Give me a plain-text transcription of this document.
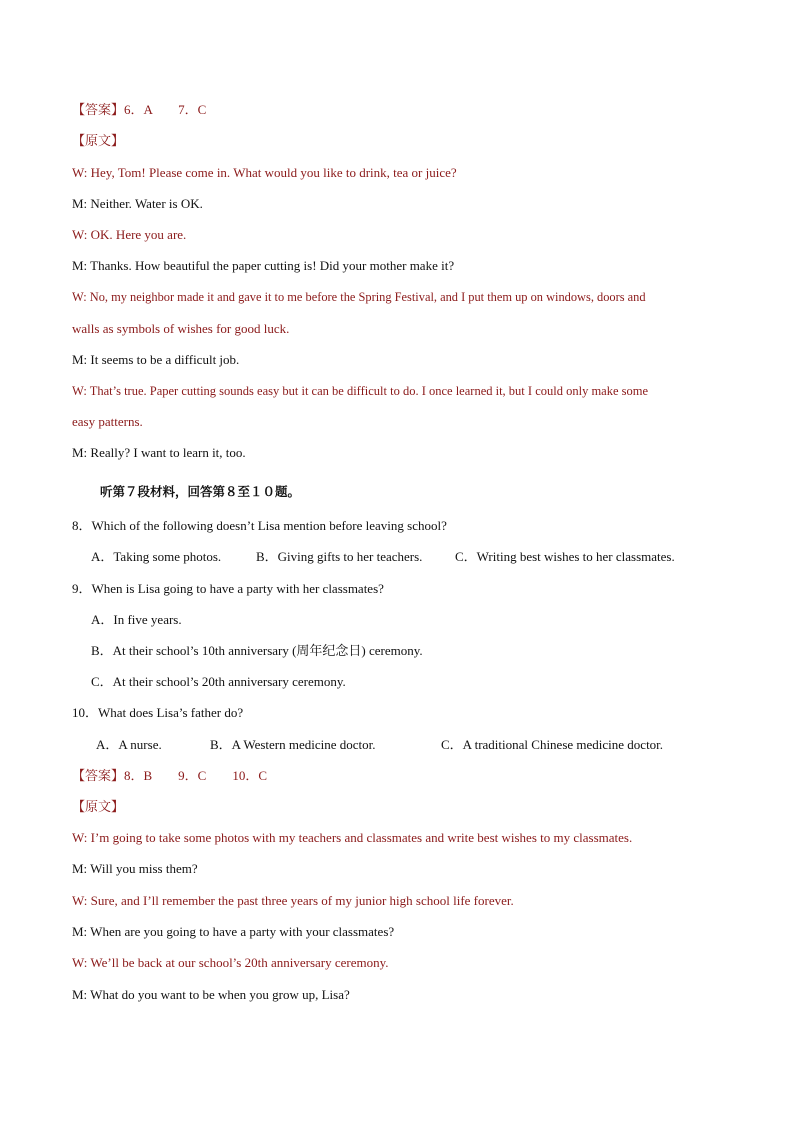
【答案】6．A　　7．C
【原文】
W: Hey, Tom! Please come in. What would you like to drink, tea or juice?
M: Neither. Water is OK.
W: OK. Here you are.
M: Thanks. How beautiful the paper cutting is! Did your mother make it?
W: No, my neighbor made it and gave it to me before the Spring Festival, and I put them up on windows, doors and
walls as symbols of wishes for good luck.
M: It seems to be a difficult job.
W: That’s true. Paper cutting sounds easy but it can be difficult to do. I once learned it, but I could only make some
easy patterns.
M: Really? I want to learn it, too.
听第７段材料，回答第８至１０题。
8．Which of the following doesn’t Lisa mention before leaving school?
A．Taking some photos.	B．Giving gifts to her teachers.	C．Writing best wishes to her classmates.
9．When is Lisa going to have a party with her classmates?
A．In five years.
B．At their school’s 10th anniversary (周年纪念日) ceremony.
C．At their school’s 20th anniversary ceremony.
10．What does Lisa’s father do?
A．A nurse.	B．A Western medicine doctor.	C．A traditional Chinese medicine doctor.
【答案】8．B　　9．C　　10．C
【原文】
W: I’m going to take some photos with my teachers and classmates and write best wishes to my classmates.
M: Will you miss them?
W: Sure, and I’ll remember the past three years of my junior high school life forever.
M: When are you going to have a party with your classmates?
W: We’ll be back at our school’s 20th anniversary ceremony.
M: What do you want to be when you grow up, Lisa?
